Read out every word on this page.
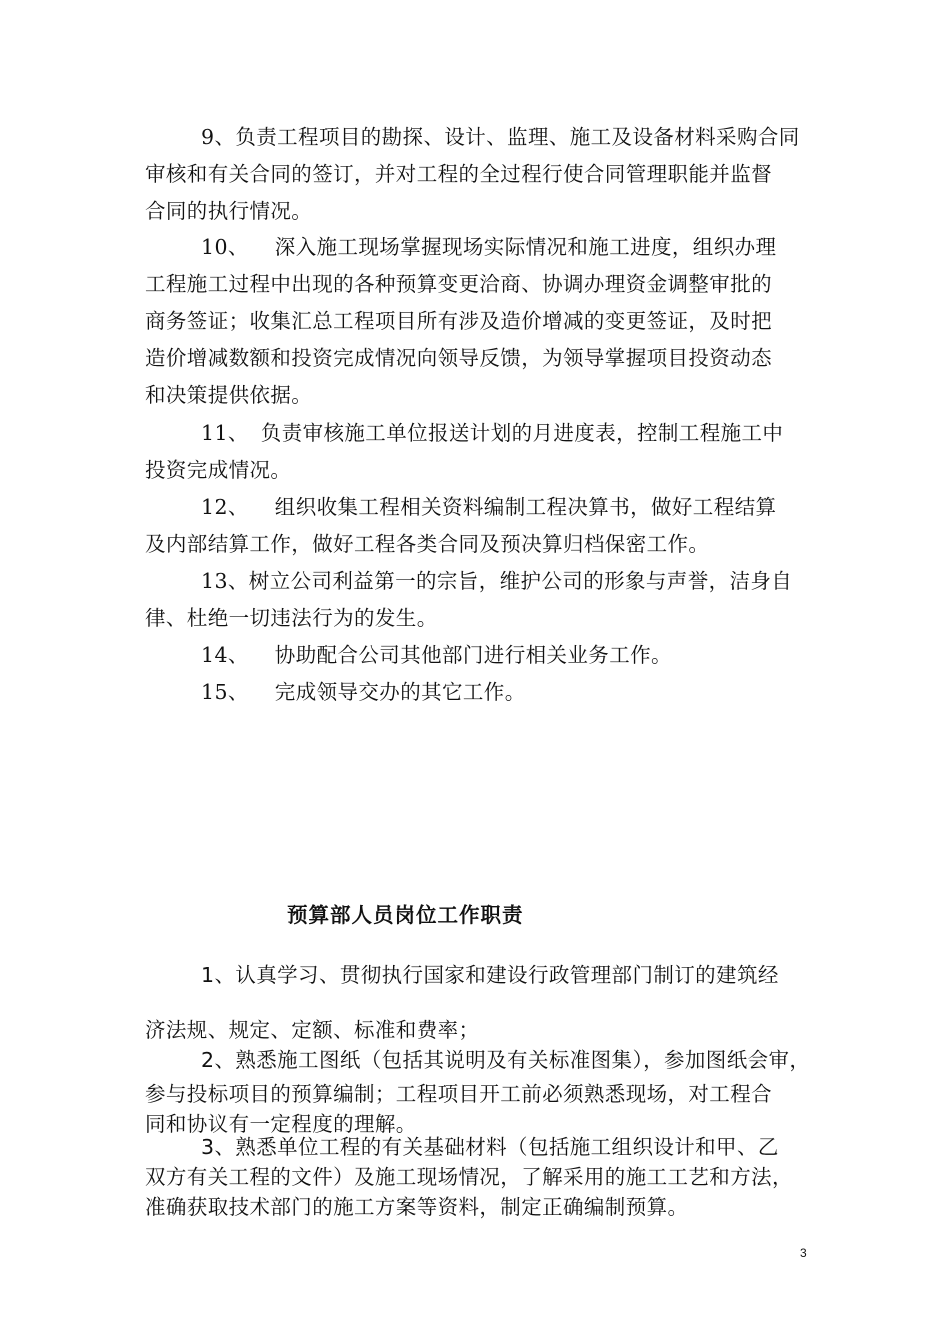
9、负责工程项目的勘探、设计、监理、施工及设备材料采购合同
审核和有关合同的签订，并对工程的全过程行使合同管理职能并监督
合同的执行情况。

10、 深入施工现场掌握现场实际情况和施工进度，组织办理
工程施工过程中出现的各种预算变更洽商、协调办理资金调整审批的
商务签证；收集汇总工程项目所有涉及造价增减的变更签证，及时把
造价增减数额和投资完成情况向领导反馈，为领导掌握项目投资动态
和决策提供依据。

11、 负责审核施工单位报送计划的月进度表，控制工程施工中
投资完成情况。

12、 组织收集工程相关资料编制工程决算书，做好工程结算
及内部结算工作，做好工程各类合同及预决算归档保密工作。

13、树立公司利益第一的宗旨，维护公司的形象与声誉，洁身自
律、杜绝一切违法行为的发生。

14、 协助配合公司其他部门进行相关业务工作。

15、 完成领导交办的其它工作。

预算部人员岗位工作职责

1、认真学习、贯彻执行国家和建设行政管理部门制订的建筑经
济法规、规定、定额、标准和费率；

2、熟悉施工图纸（包括其说明及有关标准图集），参加图纸会审，
参与投标项目的预算编制；工程项目开工前必须熟悉现场，对工程合
同和协议有一定程度的理解。

3、熟悉单位工程的有关基础材料（包括施工组织设计和甲、乙
双方有关工程的文件）及施工现场情况，了解采用的施工工艺和方法，
准确获取技术部门的施工方案等资料，制定正确编制预算。

3
